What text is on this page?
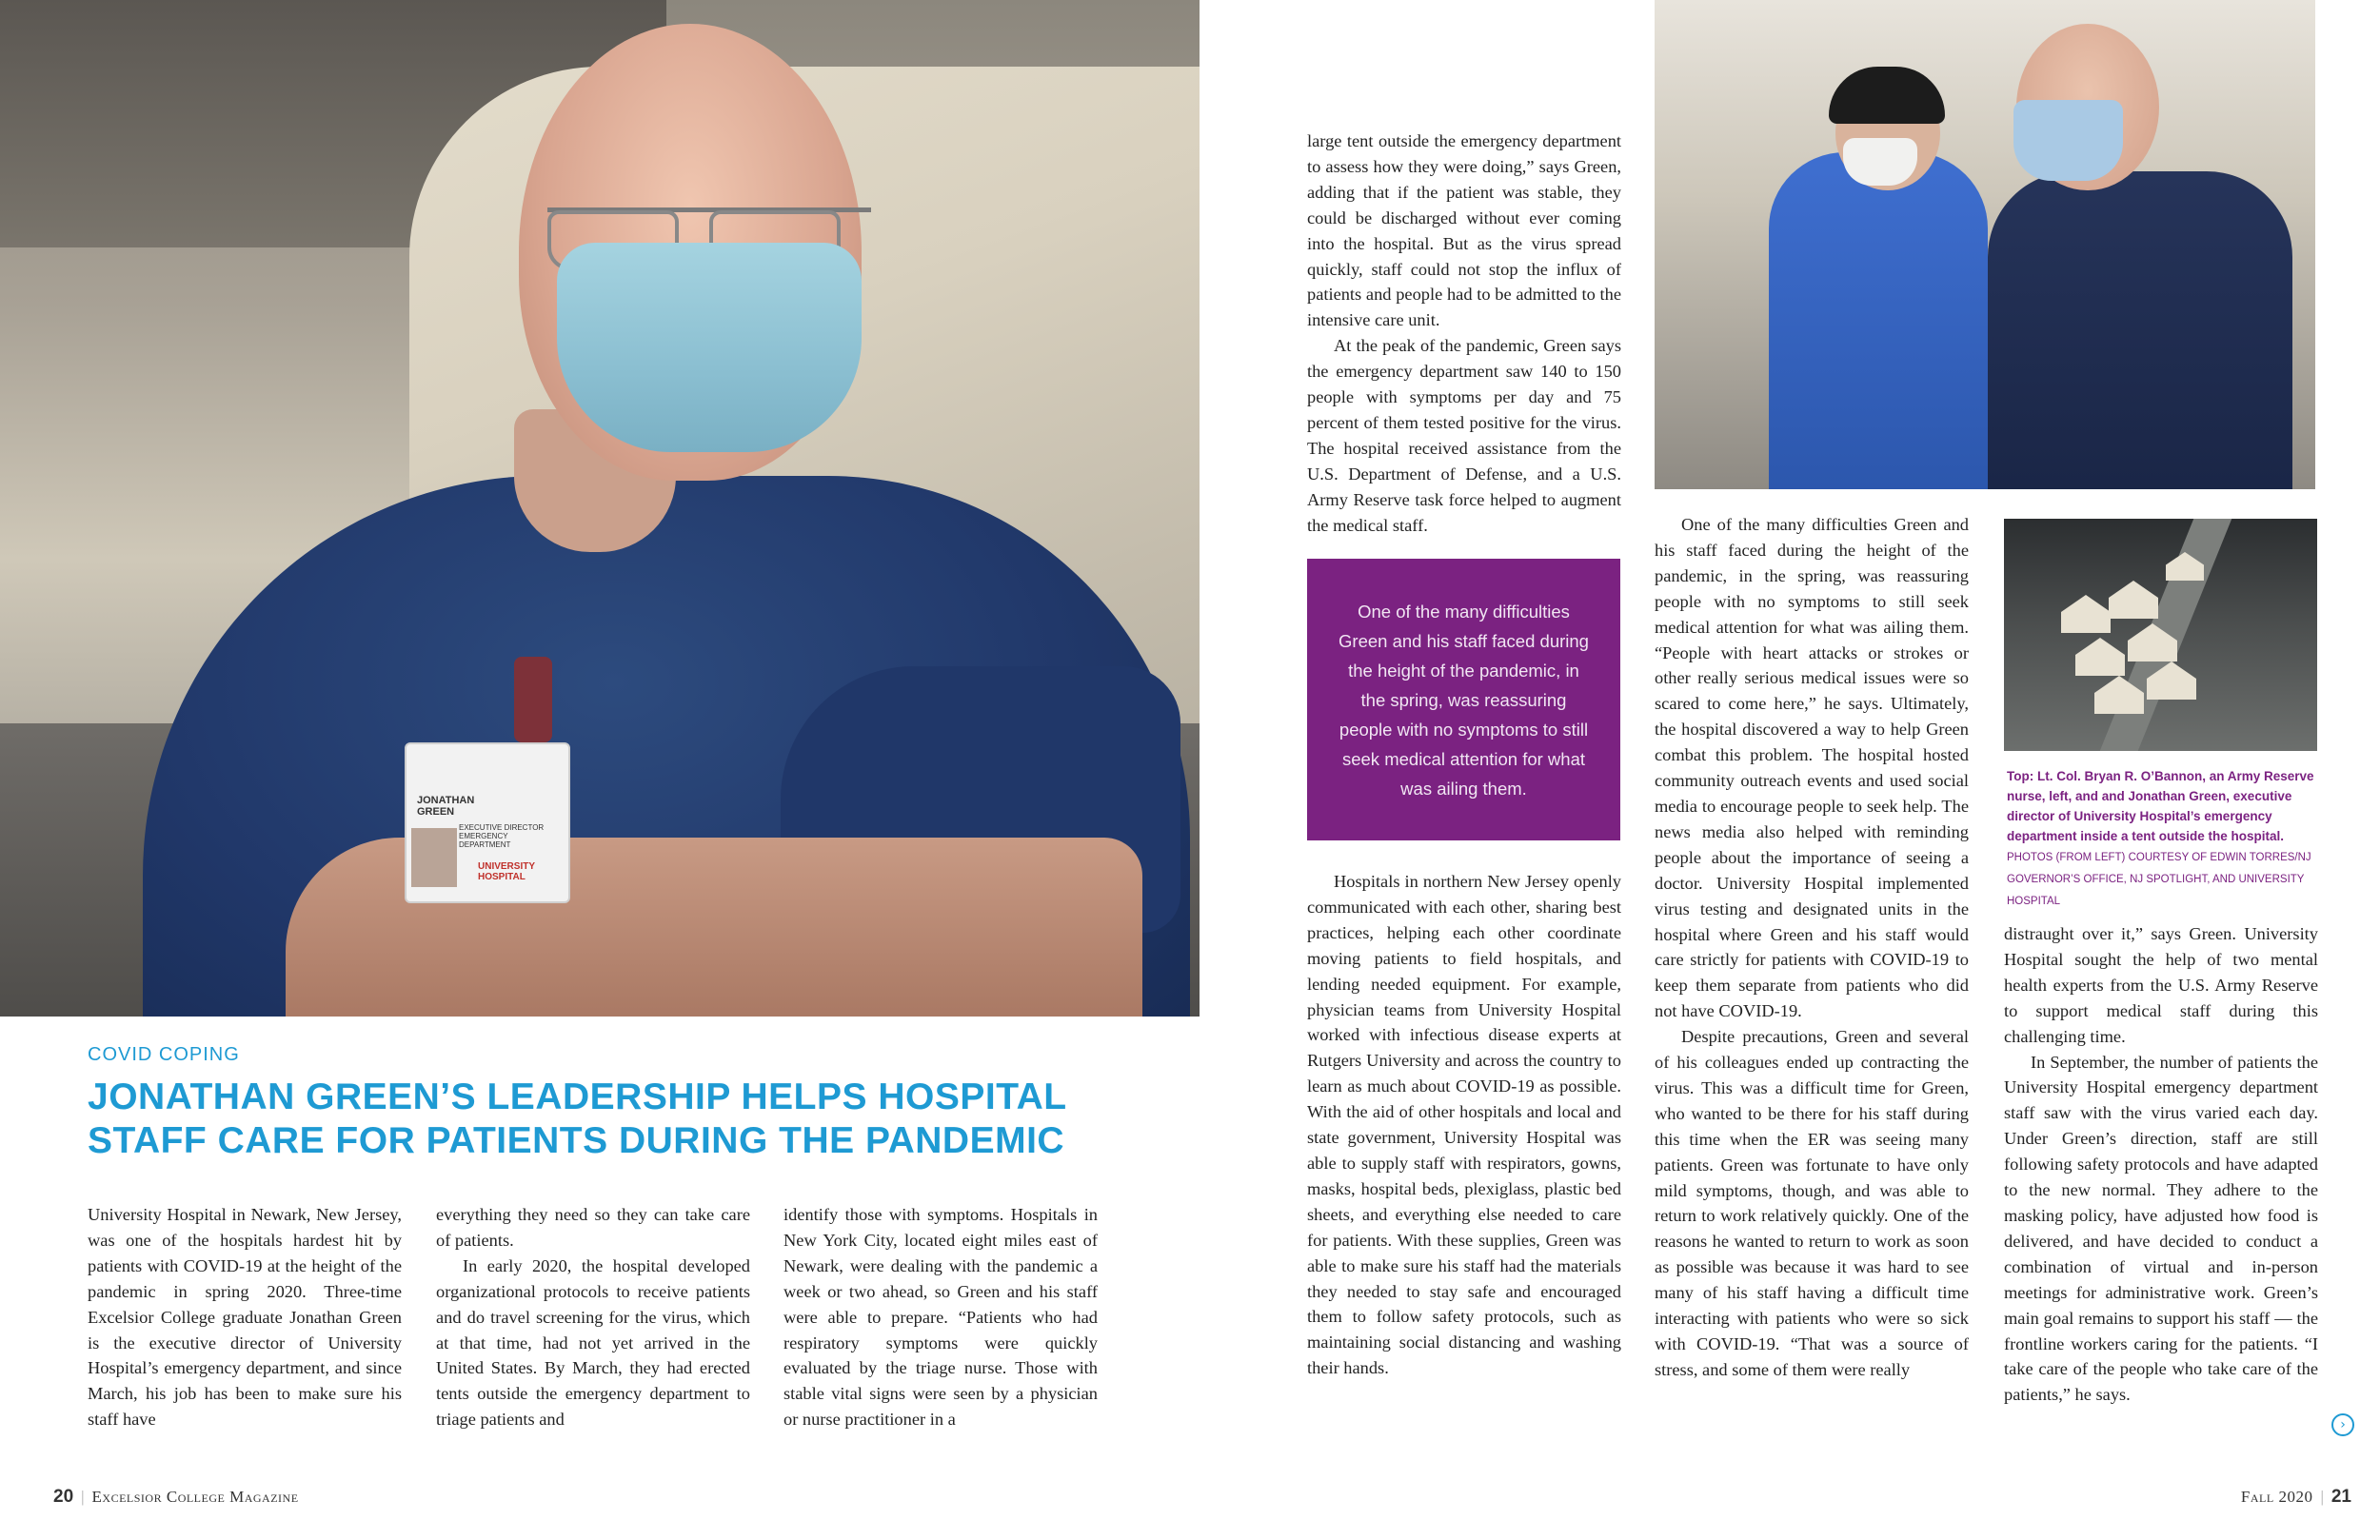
JONATHAN GREEN
EXECUTIVE DIRECTOR EMERGENCY DEPARTMENT
UNIVERSITY HOSPITAL
COVID COPING
JONATHAN GREEN’S LEADERSHIP HELPS HOSPITAL
STAFF CARE FOR PATIENTS DURING THE PANDEMIC

University Hospital in Newark, New Jersey, was one of the hospitals hardest hit by patients with COVID-19 at the height of the pandemic in spring 2020. Three-time Excelsior College graduate Jonathan Green is the executive director of University Hospital’s emergency department, and since March, his job has been to make sure his staff have

everything they need so they can take care of patients.

In early 2020, the hospital developed organizational protocols to receive patients and do travel screening for the virus, which at that time, had not yet arrived in the United States. By March, they had erected tents outside the emergency department to triage patients and

identify those with symptoms. Hospitals in New York City, located eight miles east of Newark, were dealing with the pandemic a week or two ahead, so Green and his staff were able to prepare. “Patients who had respiratory symptoms were quickly evaluated by the triage nurse. Those with stable vital signs were seen by a physician or nurse practitioner in a

large tent outside the emergency department to assess how they were doing,” says Green, adding that if the patient was stable, they could be discharged without ever coming into the hospital. But as the virus spread quickly, staff could not stop the influx of patients and people had to be admitted to the intensive care unit.

At the peak of the pandemic, Green says the emergency department saw 140 to 150 people with symptoms per day and 75 percent of them tested positive for the virus. The hospital received assistance from the U.S. Department of Defense, and a U.S. Army Reserve task force helped to augment the medical staff.

One of the many difficulties Green and his staff faced during the height of the pandemic, in the spring, was reassuring people with no symptoms to still seek medical attention for what was ailing them.

Hospitals in northern New Jersey openly communicated with each other, sharing best practices, helping each other coordinate moving patients to field hospitals, and lending needed equipment. For example, physician teams from University Hospital worked with infectious disease experts at Rutgers University and across the country to learn as much about COVID-19 as possible. With the aid of other hospitals and local and state government, University Hospital was able to supply staff with respirators, gowns, masks, hospital beds, plexiglass, plastic bed sheets, and everything else needed to care for patients. With these supplies, Green was able to make sure his staff had the materials they needed to stay safe and encouraged them to follow safety protocols, such as maintaining social distancing and washing their hands.

One of the many difficulties Green and his staff faced during the height of the pandemic, in the spring, was reassuring people with no symptoms to still seek medical attention for what was ailing them. “People with heart attacks or strokes or other really serious medical issues were so scared to come here,” he says. Ultimately, the hospital discovered a way to help Green combat this problem. The hospital hosted community outreach events and used social media to encourage people to seek help. The news media also helped with reminding people about the importance of seeing a doctor. University Hospital implemented virus testing and designated units in the hospital where Green and his staff would care strictly for patients with COVID-19 to keep them separate from patients who did not have COVID-19.

Despite precautions, Green and several of his colleagues ended up contracting the virus. This was a difficult time for Green, who wanted to be there for his staff during this time when the ER was seeing many patients. Green was fortunate to have only mild symptoms, though, and was able to return to work relatively quickly. One of the reasons he wanted to return to work as soon as possible was because it was hard to see many of his staff having a difficult time interacting with patients who were so sick with COVID-19. “That was a source of stress, and some of them were really

Top: Lt. Col. Bryan R. O’Bannon, an Army Reserve nurse, left, and and Jonathan Green, executive director of University Hospital’s emergency department inside a tent outside the hospital. PHOTOS (FROM LEFT) COURTESY OF EDWIN TORRES/NJ GOVERNOR’S OFFICE, NJ SPOTLIGHT, AND UNIVERSITY HOSPITAL

distraught over it,” says Green. University Hospital sought the help of two mental health experts from the U.S. Army Reserve to support medical staff during this challenging time.

In September, the number of patients the University Hospital emergency department staff saw with the virus varied each day. Under Green’s direction, staff are still following safety protocols and have adapted to the new normal. They adhere to the masking policy, have adjusted how food is delivered, and have decided to conduct a combination of virtual and in-person meetings for administrative work. Green’s main goal remains to support his staff — the frontline workers caring for the patients. “I take care of the people who take care of the patients,” he says.

›
20 | Excelsior College Magazine	Fall 2020 | 21
